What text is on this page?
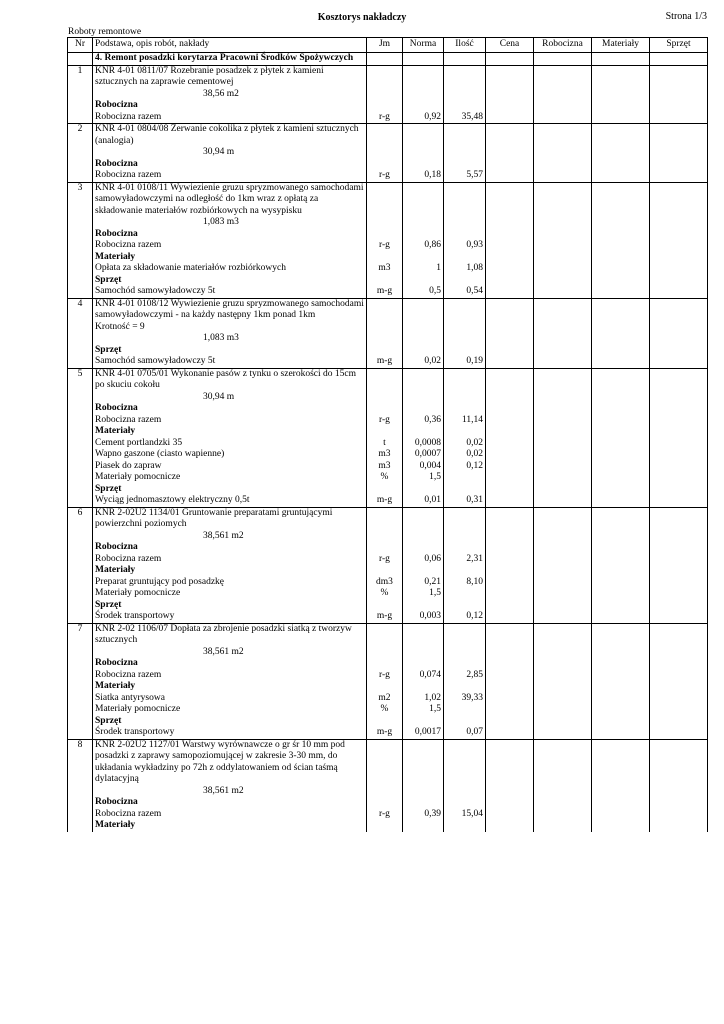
Kosztorys nakładczy	Strona 1/3
Roboty remontowe
Nr	Podstawa, opis robót, nakłady	Jm	Norma	Ilość	Cena	Robocizna	Materiały	Sprzęt
	4. Remont posadzki korytarza Pracowni Środków Spożywczych							
1	KNR 4-01 0811/07 Rozebranie posadzek z płytek z kamieni sztucznych na zaprawie cementowej							
	38,56 m2							
	Robocizna							
	Robocizna razem	r-g	0,92	35,48				
2	KNR 4-01 0804/08 Zerwanie cokolika z płytek z kamieni sztucznych (analogia)							
	30,94 m							
	Robocizna							
	Robocizna razem	r-g	0,18	5,57				
3	KNR 4-01 0108/11 Wywiezienie gruzu spryzmowanego samochodami samowyładowczymi na odległość do 1km wraz z opłatą za składowanie materiałów rozbiórkowych na wysypisku							
	1,083 m3							
	Robocizna							
	Robocizna razem	r-g	0,86	0,93				
	Materiały							
	Opłata za składowanie materiałów rozbiórkowych	m3	1	1,08				
	Sprzęt							
	Samochód samowyładowczy 5t	m-g	0,5	0,54				
4	KNR 4-01 0108/12 Wywiezienie gruzu spryzmowanego samochodami samowyładowczymi - na każdy następny 1km ponad 1km							
	Krotność = 9							
	1,083 m3							
	Sprzęt							
	Samochód samowyładowczy 5t	m-g	0,02	0,19				
5	KNR 4-01 0705/01 Wykonanie pasów z tynku o szerokości do 15cm po skuciu cokołu							
	30,94 m							
	Robocizna							
	Robocizna razem	r-g	0,36	11,14				
	Materiały							
	Cement portlandzki 35	t	0,0008	0,02				
	Wapno gaszone (ciasto wapienne)	m3	0,0007	0,02				
	Piasek do zapraw	m3	0,004	0,12				
	Materiały pomocnicze	%	1,5					
	Sprzęt							
	Wyciąg jednomasztowy elektryczny 0,5t	m-g	0,01	0,31				
6	KNR 2-02U2 1134/01 Gruntowanie preparatami gruntującymi powierzchni poziomych							
	38,561 m2							
	Robocizna							
	Robocizna razem	r-g	0,06	2,31				
	Materiały							
	Preparat gruntujący pod posadzkę	dm3	0,21	8,10				
	Materiały pomocnicze	%	1,5					
	Sprzęt							
	Środek transportowy	m-g	0,003	0,12				
7	KNR 2-02 1106/07 Dopłata za zbrojenie posadzki siatką z tworzyw sztucznych							
	38,561 m2							
	Robocizna							
	Robocizna razem	r-g	0,074	2,85				
	Materiały							
	Siatka antyrysowa	m2	1,02	39,33				
	Materiały pomocnicze	%	1,5					
	Sprzęt							
	Środek transportowy	m-g	0,0017	0,07				
8	KNR 2-02U2 1127/01 Warstwy wyrównawcze o gr śr 10 mm pod posadzki z zaprawy samopoziomującej w zakresie 3-30 mm, do układania wykładziny po 72h z oddylatowaniem od ścian taśmą dylatacyjną							
	38,561 m2							
	Robocizna							
	Robocizna razem	r-g	0,39	15,04				
	Materiały							
